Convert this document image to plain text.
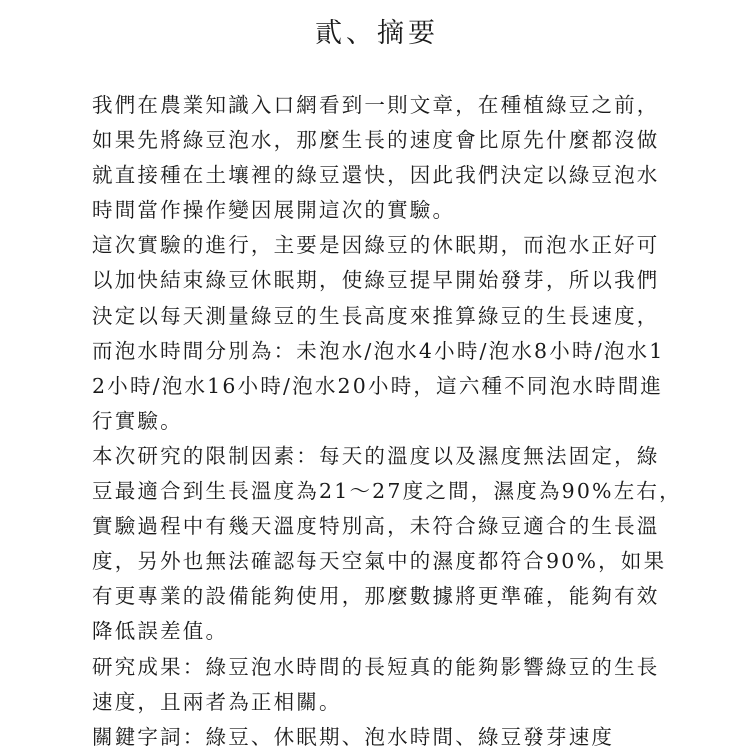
貳、摘要
我們在農業知識入口網看到一則文章，在種植綠豆之前，
如果先將綠豆泡水，那麼生長的速度會比原先什麼都沒做
就直接種在土壤裡的綠豆還快，因此我們決定以綠豆泡水
時間當作操作變因展開這次的實驗。
這次實驗的進行，主要是因綠豆的休眠期，而泡水正好可
以加快結束綠豆休眠期，使綠豆提早開始發芽，所以我們
決定以每天測量綠豆的生長高度來推算綠豆的生長速度，
而泡水時間分別為：未泡水/泡水4小時/泡水8小時/泡水1
2小時/泡水16小時/泡水20小時，這六種不同泡水時間進
行實驗。
本次研究的限制因素：每天的溫度以及濕度無法固定，綠
豆最適合到生長溫度為21～27度之間，濕度為90%左右，
實驗過程中有幾天溫度特別高，未符合綠豆適合的生長溫
度，另外也無法確認每天空氣中的濕度都符合90%，如果
有更專業的設備能夠使用，那麼數據將更準確，能夠有效
降低誤差值。
研究成果：綠豆泡水時間的長短真的能夠影響綠豆的生長
速度，且兩者為正相關。
關鍵字詞：綠豆、休眠期、泡水時間、綠豆發芽速度
